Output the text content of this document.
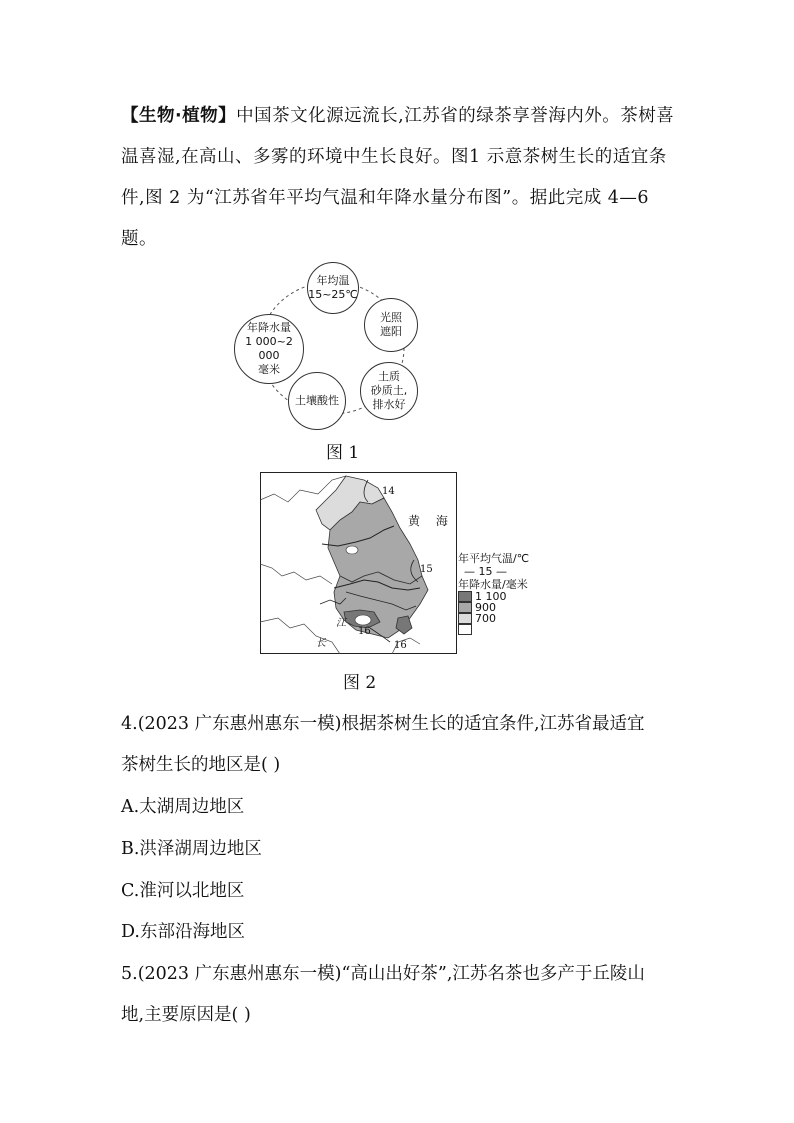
【生物·植物】中国茶文化源远流长,江苏省的绿茶享誉海内外。茶树喜温喜湿,在高山、多雾的环境中生长良好。图1 示意茶树生长的适宜条件,图 2 为“江苏省年平均气温和年降水量分布图”。据此完成 4—6 题。
年均温
15~25℃
光照
遮阳
土质
砂质土,
排水好
土壤酸性
年降水量
1 000~2 000
毫米
图 1
14
15
16
16
黄 海
江
长
年平均气温/℃
— 15 —
年降水量/毫米
1 100
900
700
图 2
4.(2023 广东惠州惠东一模)根据茶树生长的适宜条件,江苏省最适宜
茶树生长的地区是( )
A.太湖周边地区
B.洪泽湖周边地区
C.淮河以北地区
D.东部沿海地区
5.(2023 广东惠州惠东一模)“高山出好茶”,江苏名茶也多产于丘陵山
地,主要原因是( )
